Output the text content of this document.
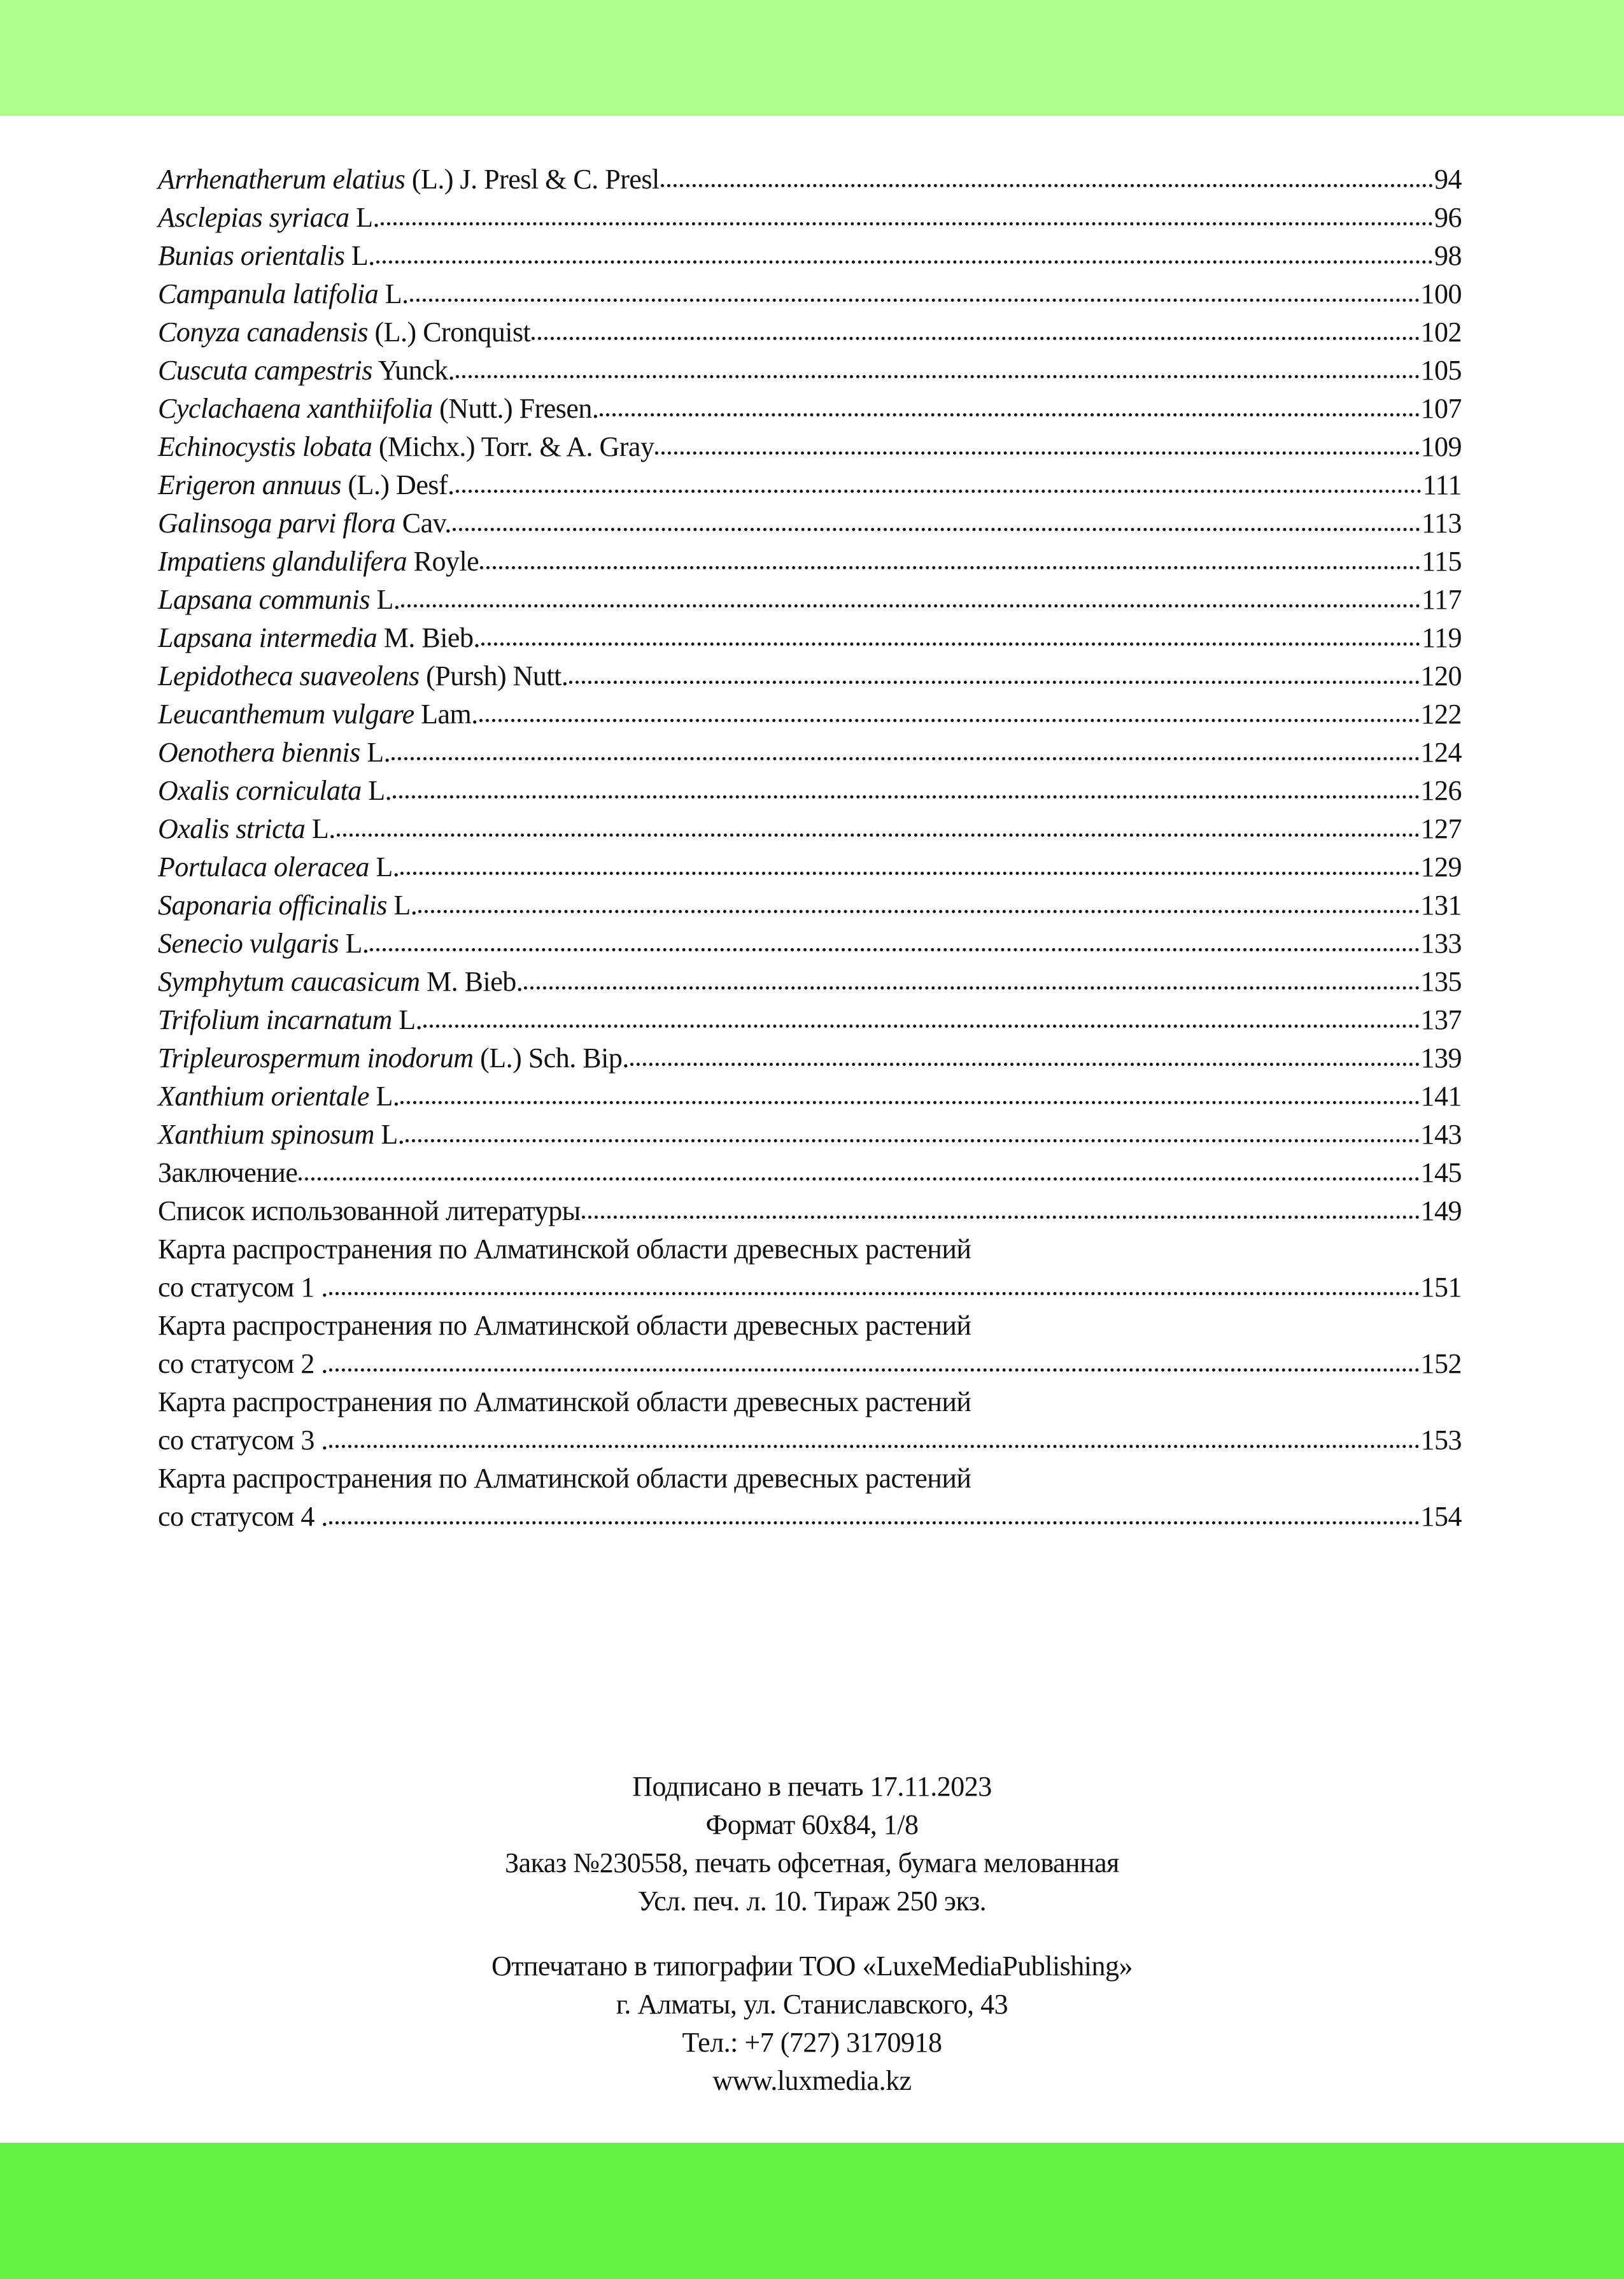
Arrhenatherum elatius (L.) J. Presl & C. Presl	94
Asclepias syriaca L.	96
Bunias orientalis L.	98
Campanula latifolia L.	100
Conyza canadensis (L.) Cronquist	102
Cuscuta campestris Yunck.	105
Cyclachaena xanthiifolia (Nutt.) Fresen.	107
Echinocystis lobata (Michx.) Torr. & A. Gray	109
Erigeron annuus (L.) Desf.	111
Galinsoga parvi flora Cav.	113
Impatiens glandulifera Royle	115
Lapsana communis L.	117
Lapsana intermedia M. Bieb.	119
Lepidotheca suaveolens (Pursh) Nutt.	120
Leucanthemum vulgare Lam.	122
Oenothera biennis L.	124
Oxalis corniculata L.	126
Oxalis stricta L.	127
Portulaca oleracea L.	129
Saponaria officinalis L.	131
Senecio vulgaris L.	133
Symphytum caucasicum M. Bieb.	135
Trifolium incarnatum L.	137
Tripleurospermum inodorum (L.) Sch. Bip.	139
Xanthium orientale L.	141
Xanthium spinosum L.	143
Заключение	145
Список использованной литературы	149
Карта распространения по Алматинской области древесных растений
со статусом 1 .	151
Карта распространения по Алматинской области древесных растений
со статусом 2 .	152
Карта распространения по Алматинской области древесных растений
со статусом 3 .	153
Карта распространения по Алматинской области древесных растений
со статусом 4 .	154
Подписано в печать 17.11.2023
Формат 60x84, 1/8
Заказ №230558, печать офсетная, бумага мелованная
Усл. печ. л. 10. Тираж 250 экз.
Отпечатано в типографии ТОО «LuxeMediaPublishing»
г. Алматы, ул. Станиславского, 43
Тел.: +7 (727) 3170918
www.luxmedia.kz
